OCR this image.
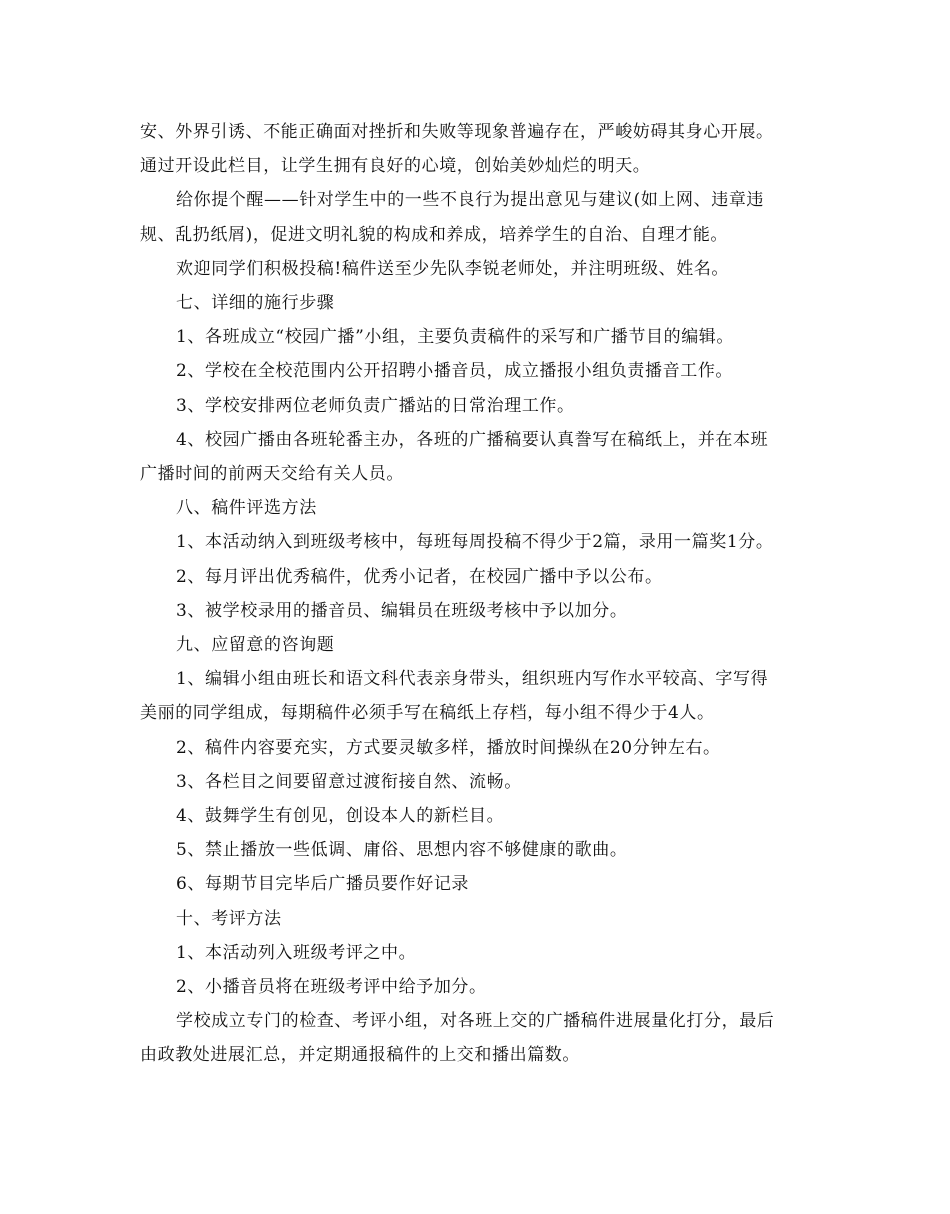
安、外界引诱、不能正确面对挫折和失败等现象普遍存在，严峻妨碍其身心开展。
通过开设此栏目，让学生拥有良好的心境，创始美妙灿烂的明天。

给你提个醒——针对学生中的一些不良行为提出意见与建议(如上网、违章违
规、乱扔纸屑)，促进文明礼貌的构成和养成，培养学生的自治、自理才能。

欢迎同学们积极投稿!稿件送至少先队李锐老师处，并注明班级、姓名。

七、详细的施行步骤

1、各班成立“校园广播”小组，主要负责稿件的采写和广播节目的编辑。

2、学校在全校范围内公开招聘小播音员，成立播报小组负责播音工作。

3、学校安排两位老师负责广播站的日常治理工作。

4、校园广播由各班轮番主办，各班的广播稿要认真誊写在稿纸上，并在本班
广播时间的前两天交给有关人员。

八、稿件评选方法

1、本活动纳入到班级考核中，每班每周投稿不得少于2篇，录用一篇奖1分。

2、每月评出优秀稿件，优秀小记者，在校园广播中予以公布。

3、被学校录用的播音员、编辑员在班级考核中予以加分。

九、应留意的咨询题

1、编辑小组由班长和语文科代表亲身带头，组织班内写作水平较高、字写得
美丽的同学组成，每期稿件必须手写在稿纸上存档，每小组不得少于4人。

2、稿件内容要充实，方式要灵敏多样，播放时间操纵在20分钟左右。

3、各栏目之间要留意过渡衔接自然、流畅。

4、鼓舞学生有创见，创设本人的新栏目。

5、禁止播放一些低调、庸俗、思想内容不够健康的歌曲。

6、每期节目完毕后广播员要作好记录

十、考评方法

1、本活动列入班级考评之中。

2、小播音员将在班级考评中给予加分。

学校成立专门的检查、考评小组，对各班上交的广播稿件进展量化打分，最后
由政教处进展汇总，并定期通报稿件的上交和播出篇数。
